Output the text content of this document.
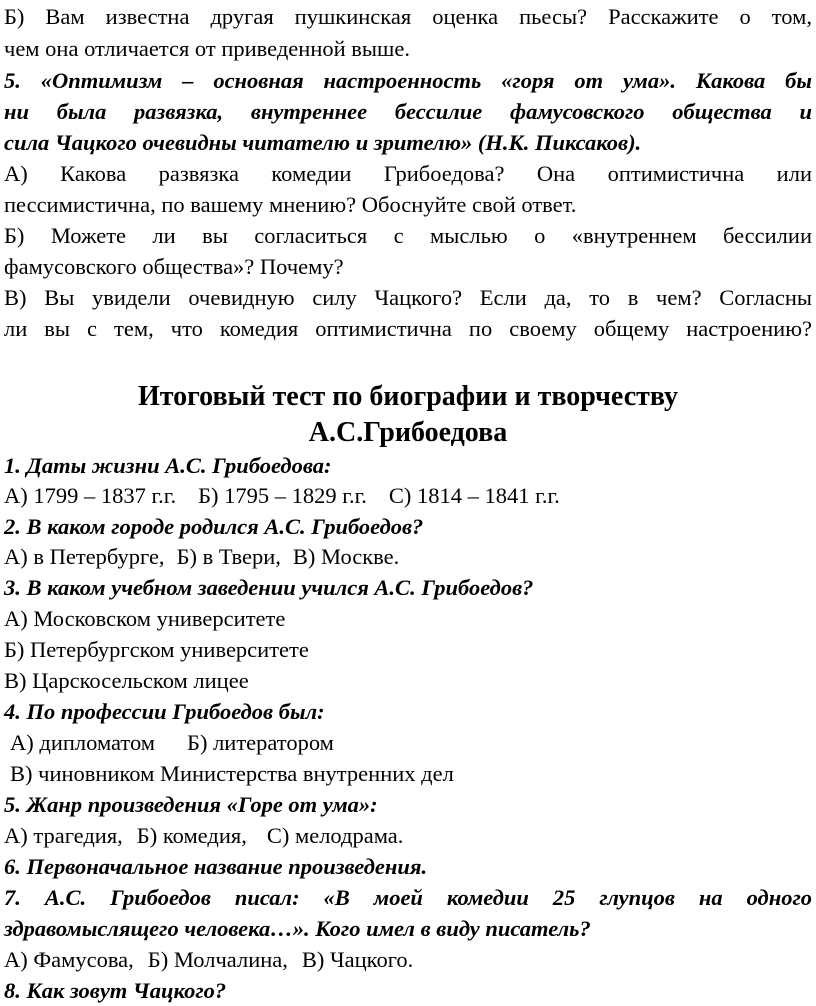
Б) Вам известна другая пушкинская оценка пьесы? Расскажите о том,
чем она отличается от приведенной выше.
5. «Оптимизм – основная настроенность «горя от ума». Какова бы
ни была развязка, внутреннее бессилие фамусовского общества и
сила Чацкого очевидны читателю и зрителю» (Н.К. Пиксаков).
А) Какова развязка комедии Грибоедова? Она оптимистична или
пессимистична, по вашему мнению? Обоснуйте свой ответ.
Б) Можете ли вы согласиться с мыслью о «внутреннем бессилии
фамусовского общества»? Почему?
В) Вы увидели очевидную силу Чацкого? Если да, то в чем? Согласны
ли вы с тем, что комедия оптимистична по своему общему настроению?
Итоговый тест по биографии и творчеству
А.С.Грибоедова
1. Даты жизни А.С. Грибоедова:
А) 1799 – 1837 г.г. Б) 1795 – 1829 г.г. С) 1814 – 1841 г.г.
2. В каком городе родился А.С. Грибоедов?
А) в Петербурге, Б) в Твери, В) Москве.
3. В каком учебном заведении учился А.С. Грибоедов?
А) Московском университете
Б) Петербургском университете
В) Царскосельском лицее
4. По профессии Грибоедов был:
А) дипломатом Б) литератором
В) чиновником Министерства внутренних дел
5. Жанр произведения «Горе от ума»:
А) трагедия, Б) комедия, С) мелодрама.
6. Первоначальное название произведения.
7. А.С. Грибоедов писал: «В моей комедии 25 глупцов на одного
здравомыслящего человека…». Кого имел в виду писатель?
А) Фамусова, Б) Молчалина, В) Чацкого.
8. Как зовут Чацкого?
